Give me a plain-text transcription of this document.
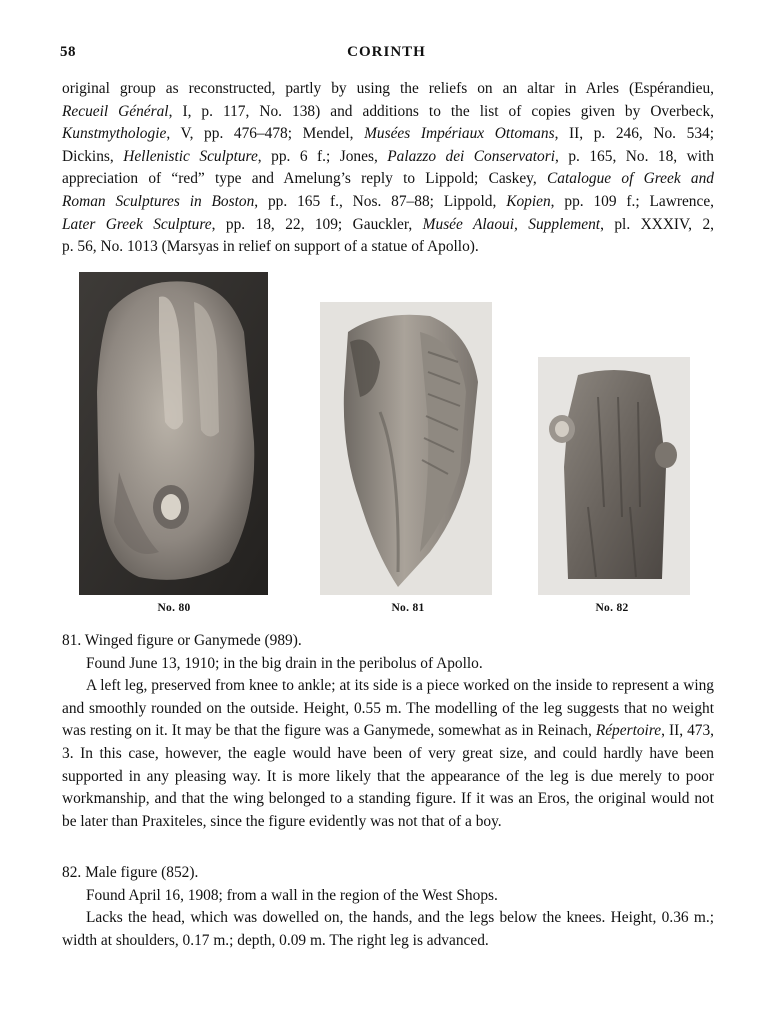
58	CORINTH
original group as reconstructed, partly by using the reliefs on an altar in Arles (Espérandieu,
Recueil Général, I, p. 117, No. 138) and additions to the list of copies given by Overbeck,
Kunstmythologie, V, pp. 476–478; Mendel, Musées Impériaux Ottomans, II, p. 246, No. 534;
Dickins, Hellenistic Sculpture, pp. 6 f.; Jones, Palazzo dei Conservatori, p. 165, No. 18, with
appreciation of “red” type and Amelung’s reply to Lippold; Caskey, Catalogue of Greek and
Roman Sculptures in Boston, pp. 165 f., Nos. 87–88; Lippold, Kopien, pp. 109 f.; Lawrence,
Later Greek Sculpture, pp. 18, 22, 109; Gauckler, Musée Alaoui, Supplement, pl. XXXIV, 2,
p. 56, No. 1013 (Marsyas in relief on support of a statue of Apollo).
No. 80	No. 81	No. 82

81. Winged figure or Ganymede (989).

Found June 13, 1910; in the big drain in the peribolus of Apollo.

A left leg, preserved from knee to ankle; at its side is a piece worked on the inside to represent a wing and smoothly rounded on the outside. Height, 0.55 m. The modelling of the leg suggests that no weight was resting on it. It may be that the figure was a Ganymede, somewhat as in Reinach, Répertoire, II, 473, 3. In this case, however, the eagle would have been of very great size, and could hardly have been supported in any pleasing way. It is more likely that the appearance of the leg is due merely to poor workmanship, and that the wing belonged to a standing figure. If it was an Eros, the original would not be later than Praxiteles, since the figure evidently was not that of a boy.

82. Male figure (852).

Found April 16, 1908; from a wall in the region of the West Shops.

Lacks the head, which was dowelled on, the hands, and the legs below the knees. Height, 0.36 m.; width at shoulders, 0.17 m.; depth, 0.09 m. The right leg is advanced.
